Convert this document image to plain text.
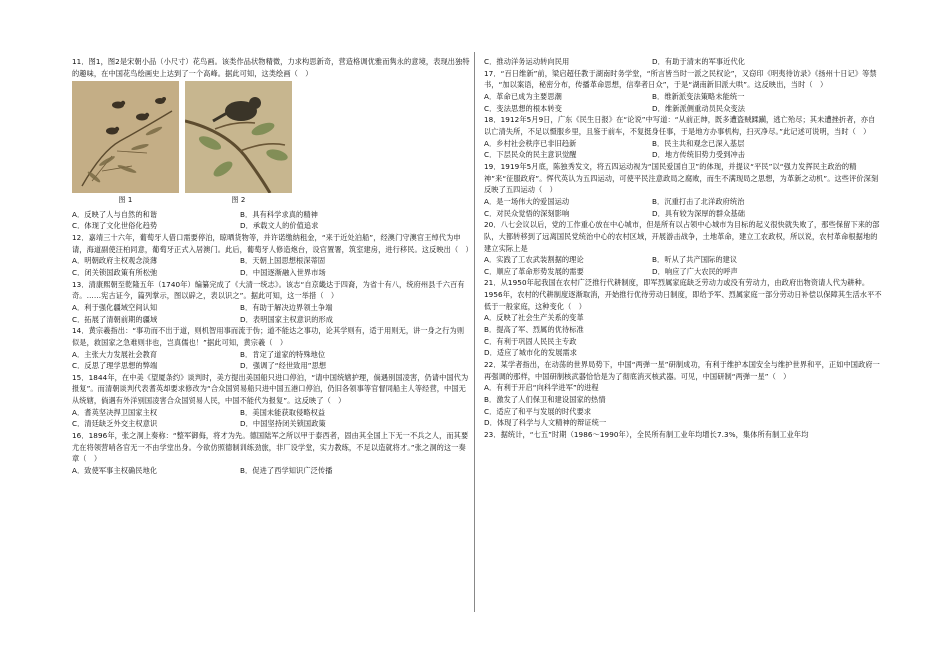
11．图1，图2是宋朝小品（小尺寸）花鸟画。该类作品状物精微，力求构思新奇，营造格调优雅而隽永的意境，表现出独特的趣味，在中国花鸟绘画史上达到了一个高峰。据此可知，这类绘画（　）

图 1	图 2
A．反映了人与自然的和谐	B．具有科学求真的精神
C．体现了文化世俗化趋势	D．承载文人的价值追求

12．嘉靖三十六年，葡萄牙人借口需要停泊，晾晒货物等，并许诺缴纳租金，“来于近处泊船”，经澳门守澳官王绰代为申请，海道副使汪柏同意，葡萄牙正式入居澳门。此后，葡萄牙人修造炮台，设官置署，筑室建房，进行移民。这反映出（　）

A．明朝政府主权观念淡薄	B．天朝上国思想根深蒂固
C．闭关锁国政策有所松弛	D．中国逐渐融入世界市场

13．清康熙朝至乾隆五年（1740年）编纂完成了《大清一统志》。该志“自京畿达于四裔，为省十有八，统府州县千六百有奇。……宪古证今，篇列掌示，图以辟之，表以识之”。据此可知，这一举措（　）

A．利于强化疆域空间认知	B．有助于解决边界领土争端
C．拓展了清朝前期的疆域	D．表明国家主权意识的形成

14．黄宗羲指出：“事功而不出于道，则机智用事而流于伪；道不能达之事功，论其学则有，适于用则无，讲一身之行为则似是，救国家之急难则非也，岂真儒也！”据此可知，黄宗羲（　）

A．主张大力发展社会教育	B．肯定了道家的特殊地位
C．反思了理学思想的弊端	D．强调了“经世致用”思想

15．1844年，在中美《望厦条约》谈判时，美方提出美国船只进口停泊，“请中国统辖护理，倘遇别国凌害，仍请中国代为报复”。而清朝谈判代表耆英却要求修改为“合众国贸易船只进中国五港口停泊，仍旧各领事等官督同船主人等经营，中国无从统辖，倘遇有外洋别国凌害合众国贸易人民，中国不能代为报复”。这反映了（　）

A．耆英坚决捍卫国家主权	B．美国未能获取侵略权益
C．清廷缺乏外交主权意识	D．中国坚持闭关锁国政策

16．1896年，张之洞上奏称：“整军御侮，将才为先。德国陆军之所以甲于泰西者，固由其全国上下无一不兵之人，而其要尤在将领营哨各官无一不由学堂出身。今欲仿照德制训练劲旅，非厂设学堂，实力教练，不足以造就将才。”张之洞的这一奏章（　）

A．致使军事主权确民地化	B．促进了西学知识广泛传播
C．推动洋务运动转向民用	D．有助于清末的军事近代化

17．“百日维新”前，梁启超任教于湖南时务学堂，“所言皆当时一派之民权论”，又窃印《明夷待访录》《扬州十日记》等禁书，“加以案语，秘密分布，传播革命思想，信奉者日众”，于是“湖南新旧派大哄”。这反映出，当时（　）

A．革命已成为主要思潮	B．维新派变法策略未能统一
C．变法思想的根本转变	D．维新派侧重动员民众变法

18．1912年5月9日，广东《民生日报》在“论说”中写道：“从前正绅，既多遭盗贼蹂躏，逃亡殆尽；其未遭挫折者，亦自以亡清失所，不足以慑服乡里，且鉴于前车，不复挺身任事，于是地方办事机构，扫灭净尽。”此记述可说明，当时（　）

A．乡村社会秩序已非旧趋新	B．民主共和观念已深入基层
C．下层民众的民主意识觉醒	D．地方传统旧势力受到冲击

19．1919年5月底，陈独秀发文，将五四运动视为“国民爱国自卫”的体现，并提议“平民”以“强力发挥民主政治的精神”来“征服政府”。恽代英认为五四运动，可使平民注意政局之腐败，而生不满现局之思想，为革新之动机”。这些评价深刻反映了五四运动（　）

A．是一场伟大的爱国运动	B．沉重打击了北洋政府统治
C．对民众觉悟的深刻影响	D．具有较为深厚的群众基础

20．八七会议以后，党的工作重心放在中心城市，但是所有以占领中心城市为目标的起义很快就失败了，那些保留下来的部队，大都转移到了远离国民党统治中心的农村区域，开展游击战争，土地革命，建立工农政权，所以说，农村革命根据地的建立实际上是

A．实践了工农武装割据的理论	B．听从了共产国际的建议
C．顺应了革命形势发展的需要	D．响应了广大农民的呼声

21．从1950年起我国在农村广泛推行代耕制度，即军烈属家庭缺乏劳动力或没有劳动力，由政府出物资请人代为耕种。1956年，农村的代耕制度逐渐取消，开始推行优待劳动日制度，即给予军、烈属家庭一部分劳动日补偿以保障其生活水平不低于一般家庭，这种变化（　）

A．反映了社会生产关系的变革
B．提高了军、烈属的优待标准
C．有利于巩固人民民主专政
D．适应了城市化的发展需求

22．某学者指出，在动荡的世界局势下，中国“两弹一星”研制成功，有利于维护本国安全与维护世界和平，正如中国政府一再强调的那样，中国研制核武器恰恰是为了彻底消灭核武器。可见，中国研制“两弹一星”（　）

A．有利于开启“向科学进军”的进程
B．激发了人们保卫和建设国家的热情
C．适应了和平与发展的时代要求
D．体现了科学与人文精神的辩证统一

23．据统计，“七五”时期（1986～1990年），全民所有制工业年均增长7.3%，集体所有制工业年均
